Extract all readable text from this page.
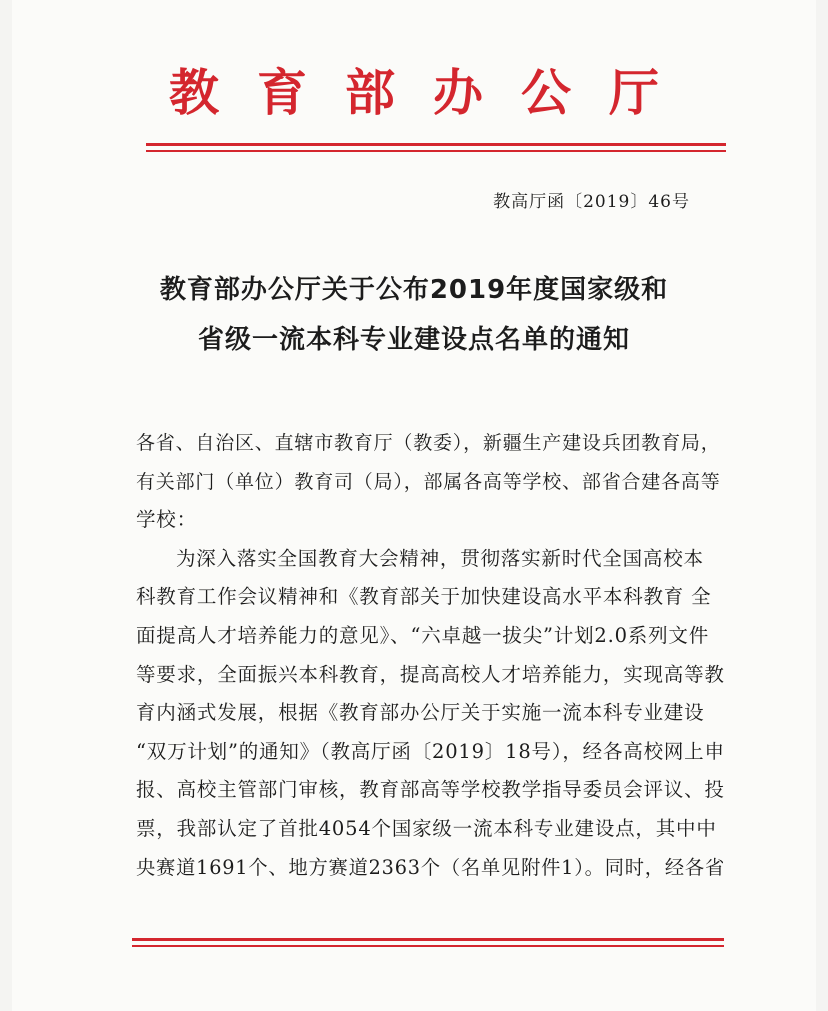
教育部办公厅
教高厅函〔2019〕46号
教育部办公厅关于公布2019年度国家级和
省级一流本科专业建设点名单的通知
各省、自治区、直辖市教育厅（教委），新疆生产建设兵团教育局，
有关部门（单位）教育司（局），部属各高等学校、部省合建各高等
学校：
为深入落实全国教育大会精神，贯彻落实新时代全国高校本
科教育工作会议精神和《教育部关于加快建设高水平本科教育 全
面提高人才培养能力的意见》、“六卓越一拔尖”计划2.0系列文件
等要求，全面振兴本科教育，提高高校人才培养能力，实现高等教
育内涵式发展，根据《教育部办公厅关于实施一流本科专业建设
“双万计划”的通知》（教高厅函〔2019〕18号），经各高校网上申
报、高校主管部门审核，教育部高等学校教学指导委员会评议、投
票，我部认定了首批4054个国家级一流本科专业建设点，其中中
央赛道1691个、地方赛道2363个（名单见附件1）。同时，经各省
